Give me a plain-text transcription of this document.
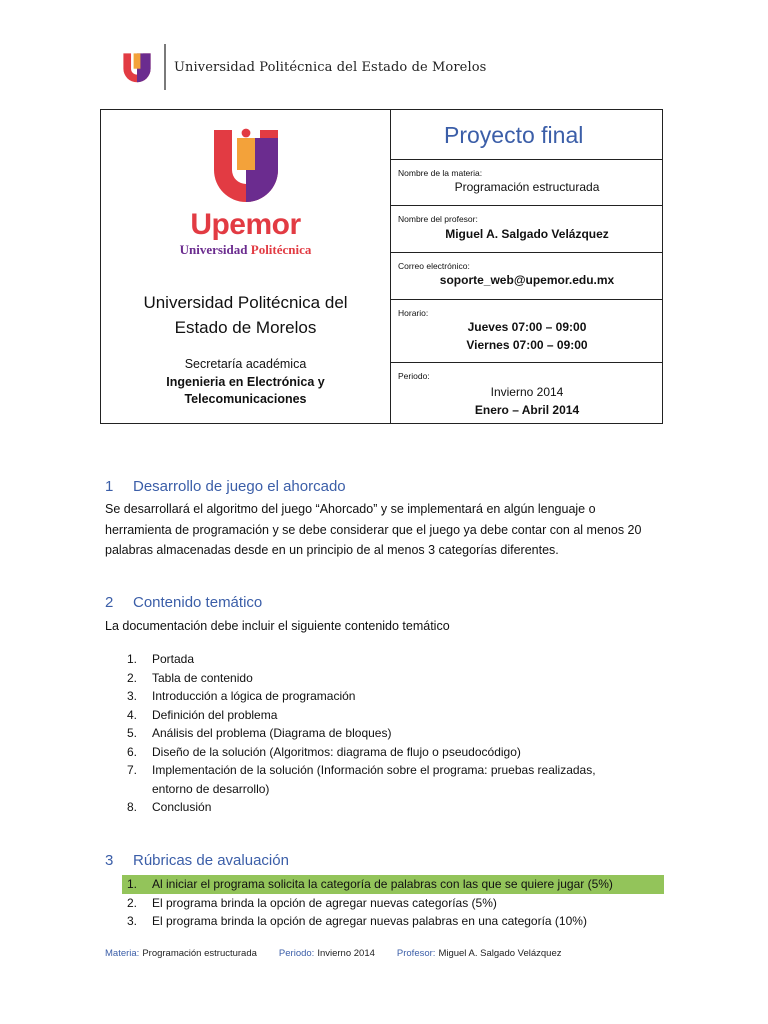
Universidad Politécnica del Estado de Morelos
Upemor
Universidad Politécnica
Universidad Politécnica del
Estado de Morelos
Secretaría académica
Ingenieria en Electrónica y
Telecomunicaciones
Proyecto final
Nombre de la materia:
Programación estructurada
Nombre del profesor:
Miguel A. Salgado Velázquez
Correo electrónico:
soporte_web@upemor.edu.mx
Horario:
Jueves 07:00 – 09:00
Viernes 07:00 – 09:00
Periodo:
Invierno 2014
Enero – Abril 2014
1 Desarrollo de juego el ahorcado
Se desarrollará el algoritmo del juego “Ahorcado” y se implementará en algún lenguaje o
herramienta de programación y se debe considerar que el juego ya debe contar con al menos 20
palabras almacenadas desde en un principio de al menos 3 categorías diferentes.
2 Contenido temático
La documentación debe incluir el siguiente contenido temático
1. Portada
2. Tabla de contenido
3. Introducción a lógica de programación
4. Definición del problema
5. Análisis del problema (Diagrama de bloques)
6. Diseño de la solución (Algoritmos: diagrama de flujo o pseudocódigo)
7. Implementación de la solución (Información sobre el programa: pruebas realizadas,
entorno de desarrollo)
8. Conclusión
3 Rúbricas de avaluación
1. Al iniciar el programa solicita la categoría de palabras con las que se quiere jugar (5%)
2. El programa brinda la opción de agregar nuevas categorías (5%)
3. El programa brinda la opción de agregar nuevas palabras en una categoría (10%)
Materia: Programación estructurada Periodo: Invierno 2014 Profesor: Miguel A. Salgado Velázquez
